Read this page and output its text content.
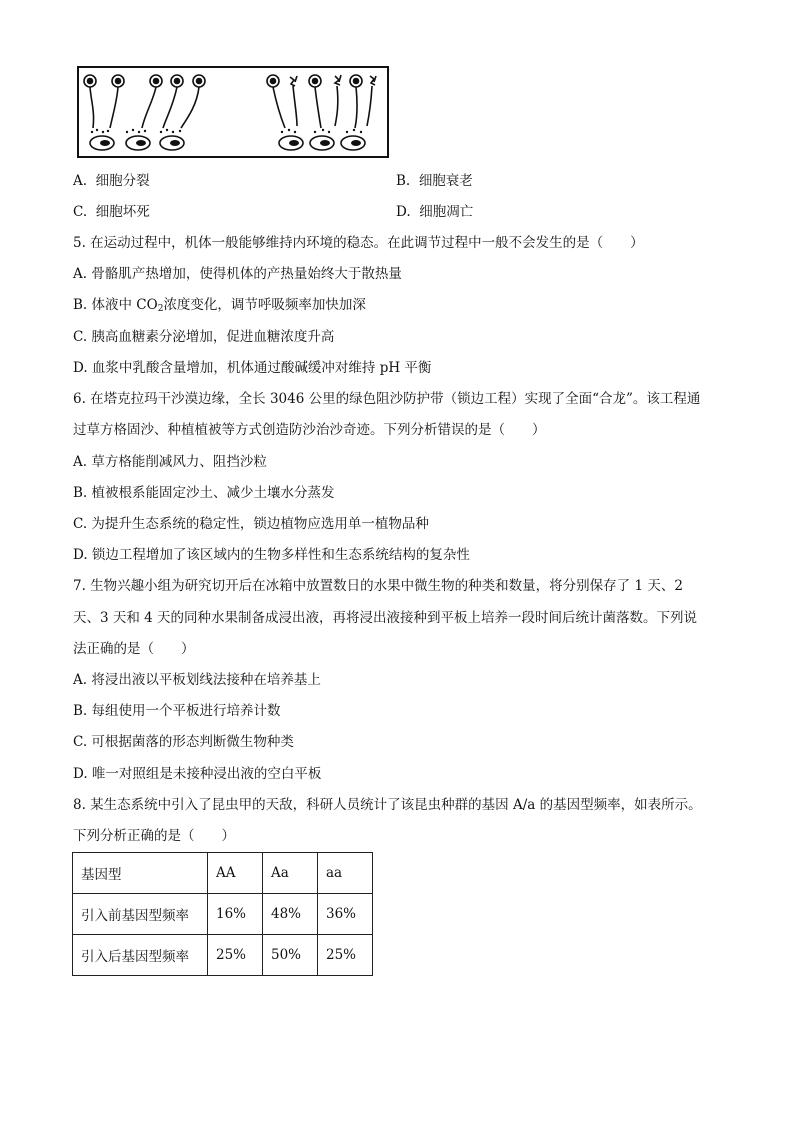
A. 细胞分裂	B. 细胞衰老
C. 细胞坏死	D. 细胞凋亡
5. 在运动过程中，机体一般能够维持内环境的稳态。在此调节过程中一般不会发生的是（　　）
A. 骨骼肌产热增加，使得机体的产热量始终大于散热量
B. 体液中 $CO_2$浓度变化，调节呼吸频率加快加深
C. 胰高血糖素分泌增加，促进血糖浓度升高
D. 血浆中乳酸含量增加，机体通过酸碱缓冲对维持 pH 平衡
6. 在塔克拉玛干沙漠边缘，全长 3046 公里的绿色阻沙防护带（锁边工程）实现了全面“合龙”。该工程通
过草方格固沙、种植植被等方式创造防沙治沙奇迹。下列分析错误的是（　　）
A. 草方格能削减风力、阻挡沙粒
B. 植被根系能固定沙土、减少土壤水分蒸发
C. 为提升生态系统的稳定性，锁边植物应选用单一植物品种
D. 锁边工程增加了该区域内的生物多样性和生态系统结构的复杂性
7. 生物兴趣小组为研究切开后在冰箱中放置数日的水果中微生物的种类和数量，将分别保存了 1 天、2
天、3 天和 4 天的同种水果制备成浸出液，再将浸出液接种到平板上培养一段时间后统计菌落数。下列说
法正确的是（　　）
A. 将浸出液以平板划线法接种在培养基上
B. 每组使用一个平板进行培养计数
C. 可根据菌落的形态判断微生物种类
D. 唯一对照组是未接种浸出液的空白平板
8. 某生态系统中引入了昆虫甲的天敌，科研人员统计了该昆虫种群的基因 A/a 的基因型频率，如表所示。
下列分析正确的是（　　）
基因型	AA	Aa	aa
引入前基因型频率	16%	48%	36%
引入后基因型频率	25%	50%	25%
